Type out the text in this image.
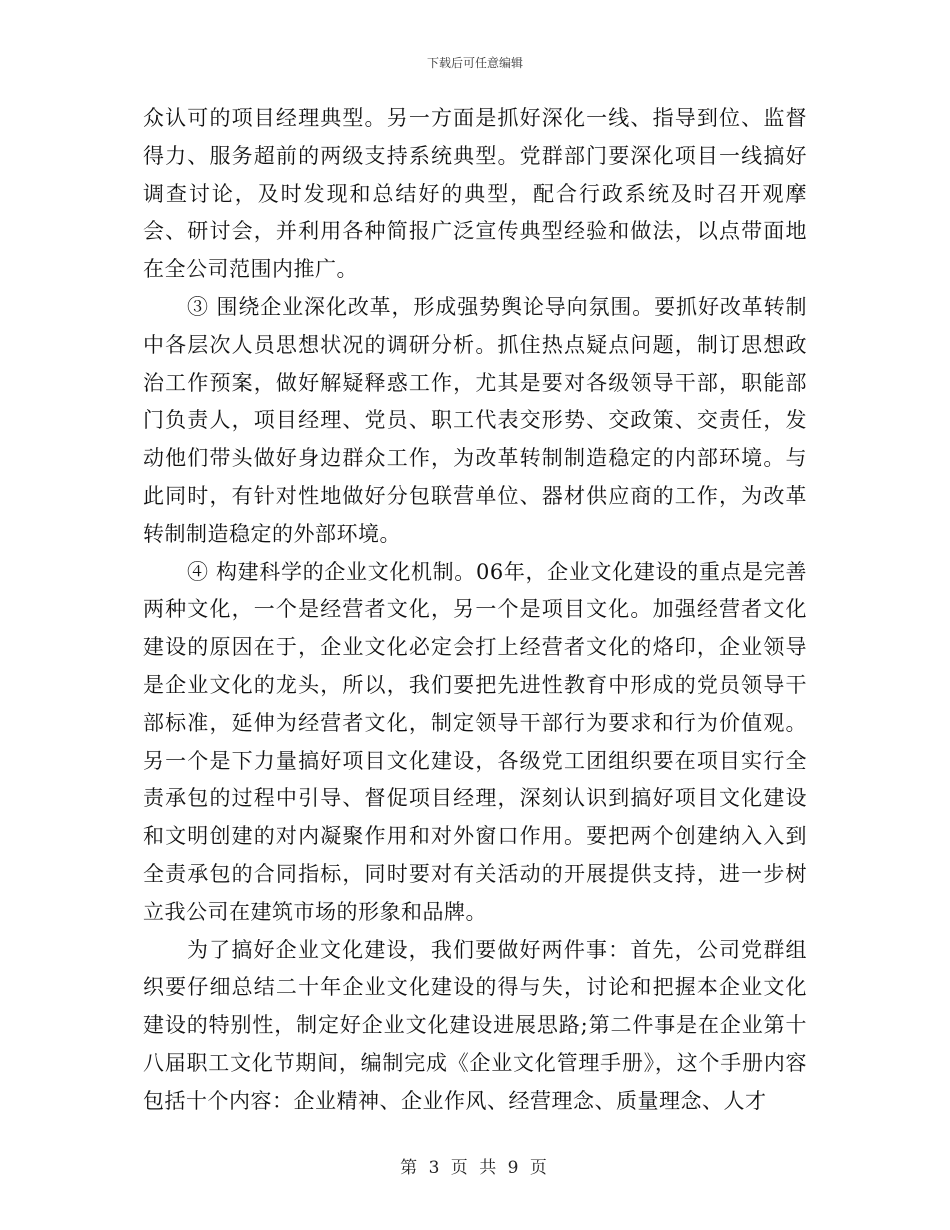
下载后可任意编辑

众认可的项目经理典型。另一方面是抓好深化一线、指导到位、监督得力、服务超前的两级支持系统典型。党群部门要深化项目一线搞好调查讨论，及时发现和总结好的典型，配合行政系统及时召开观摩会、研讨会，并利用各种简报广泛宣传典型经验和做法，以点带面地在全公司范围内推广。

③ 围绕企业深化改革，形成强势舆论导向氛围。要抓好改革转制中各层次人员思想状况的调研分析。抓住热点疑点问题，制订思想政治工作预案，做好解疑释惑工作，尤其是要对各级领导干部，职能部门负责人，项目经理、党员、职工代表交形势、交政策、交责任，发动他们带头做好身边群众工作，为改革转制制造稳定的内部环境。与此同时，有针对性地做好分包联营单位、器材供应商的工作，为改革转制制造稳定的外部环境。

④ 构建科学的企业文化机制。06年，企业文化建设的重点是完善两种文化，一个是经营者文化，另一个是项目文化。加强经营者文化建设的原因在于，企业文化必定会打上经营者文化的烙印，企业领导是企业文化的龙头，所以，我们要把先进性教育中形成的党员领导干部标准，延伸为经营者文化，制定领导干部行为要求和行为价值观。另一个是下力量搞好项目文化建设，各级党工团组织要在项目实行全责承包的过程中引导、督促项目经理，深刻认识到搞好项目文化建设和文明创建的对内凝聚作用和对外窗口作用。要把两个创建纳入入到全责承包的合同指标，同时要对有关活动的开展提供支持，进一步树立我公司在建筑市场的形象和品牌。

为了搞好企业文化建设，我们要做好两件事：首先，公司党群组织要仔细总结二十年企业文化建设的得与失，讨论和把握本企业文化建设的特别性，制定好企业文化建设进展思路;第二件事是在企业第十八届职工文化节期间，编制完成《企业文化管理手册》，这个手册内容包括十个内容：企业精神、企业作风、经营理念、质量理念、人才

第 3 页 共 9 页
